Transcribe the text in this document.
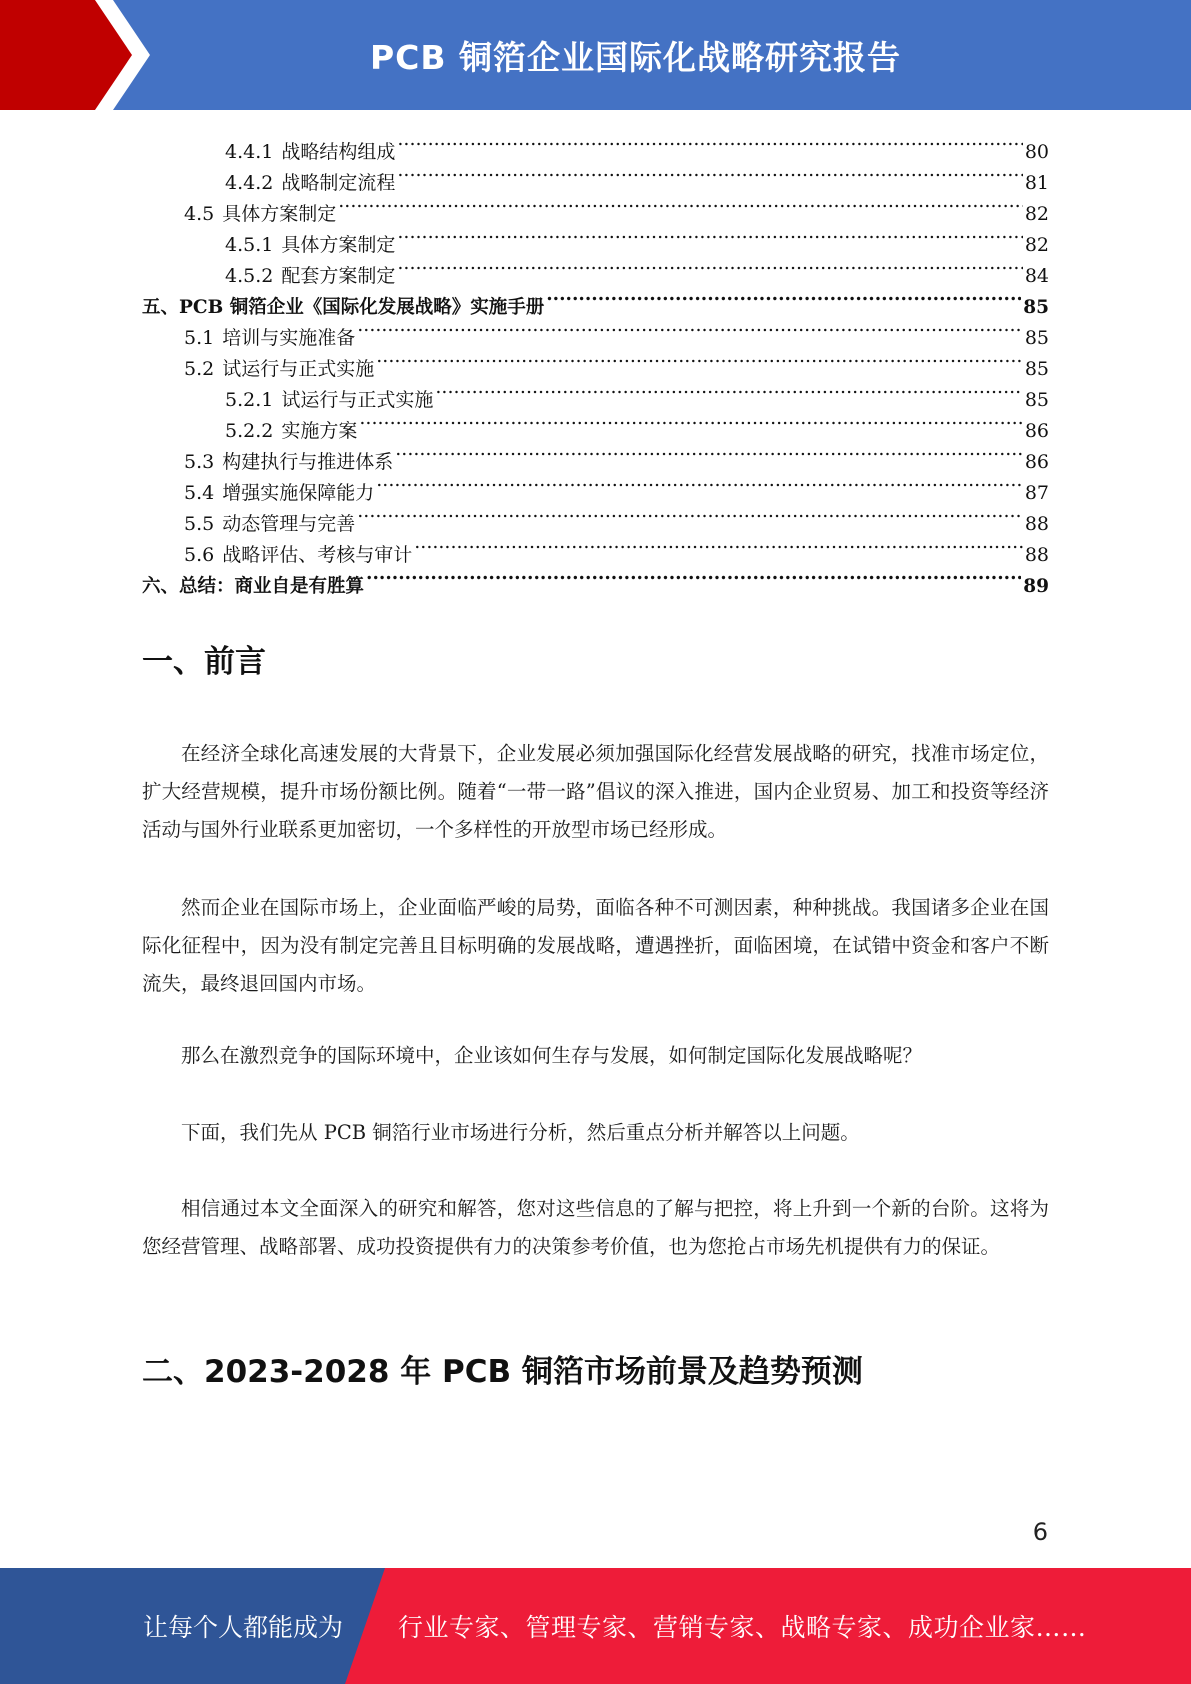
PCB 铜箔企业国际化战略研究报告
4.4.1 战略结构组成 .....	80
4.4.2 战略制定流程 .....	81
4.5 具体方案制定 .....	82
4.5.1 具体方案制定 .....	82
4.5.2 配套方案制定 .....	84
五、PCB 铜箔企业《国际化发展战略》实施手册 .....	85
5.1 培训与实施准备 .....	85
5.2 试运行与正式实施 .....	85
5.2.1 试运行与正式实施 .....	85
5.2.2 实施方案 .....	86
5.3 构建执行与推进体系 .....	86
5.4 增强实施保障能力 .....	87
5.5 动态管理与完善 .....	88
5.6 战略评估、考核与审计 .....	88
六、总结：商业自是有胜算 .....	89
一、前言
在经济全球化高速发展的大背景下，企业发展必须加强国际化经营发展战略的研究，找准市场定位，扩大经营规模，提升市场份额比例。随着“一带一路”倡议的深入推进，国内企业贸易、加工和投资等经济活动与国外行业联系更加密切，一个多样性的开放型市场已经形成。
然而企业在国际市场上，企业面临严峻的局势，面临各种不可测因素，种种挑战。我国诸多企业在国际化征程中，因为没有制定完善且目标明确的发展战略，遭遇挫折，面临困境，在试错中资金和客户不断流失，最终退回国内市场。
那么在激烈竞争的国际环境中，企业该如何生存与发展，如何制定国际化发展战略呢？
下面，我们先从 PCB 铜箔行业市场进行分析，然后重点分析并解答以上问题。
相信通过本文全面深入的研究和解答，您对这些信息的了解与把控，将上升到一个新的台阶。这将为您经营管理、战略部署、成功投资提供有力的决策参考价值，也为您抢占市场先机提供有力的保证。
二、2023-2028 年 PCB 铜箔市场前景及趋势预测
6
让每个人都能成为 行业专家、管理专家、营销专家、战略专家、成功企业家……
